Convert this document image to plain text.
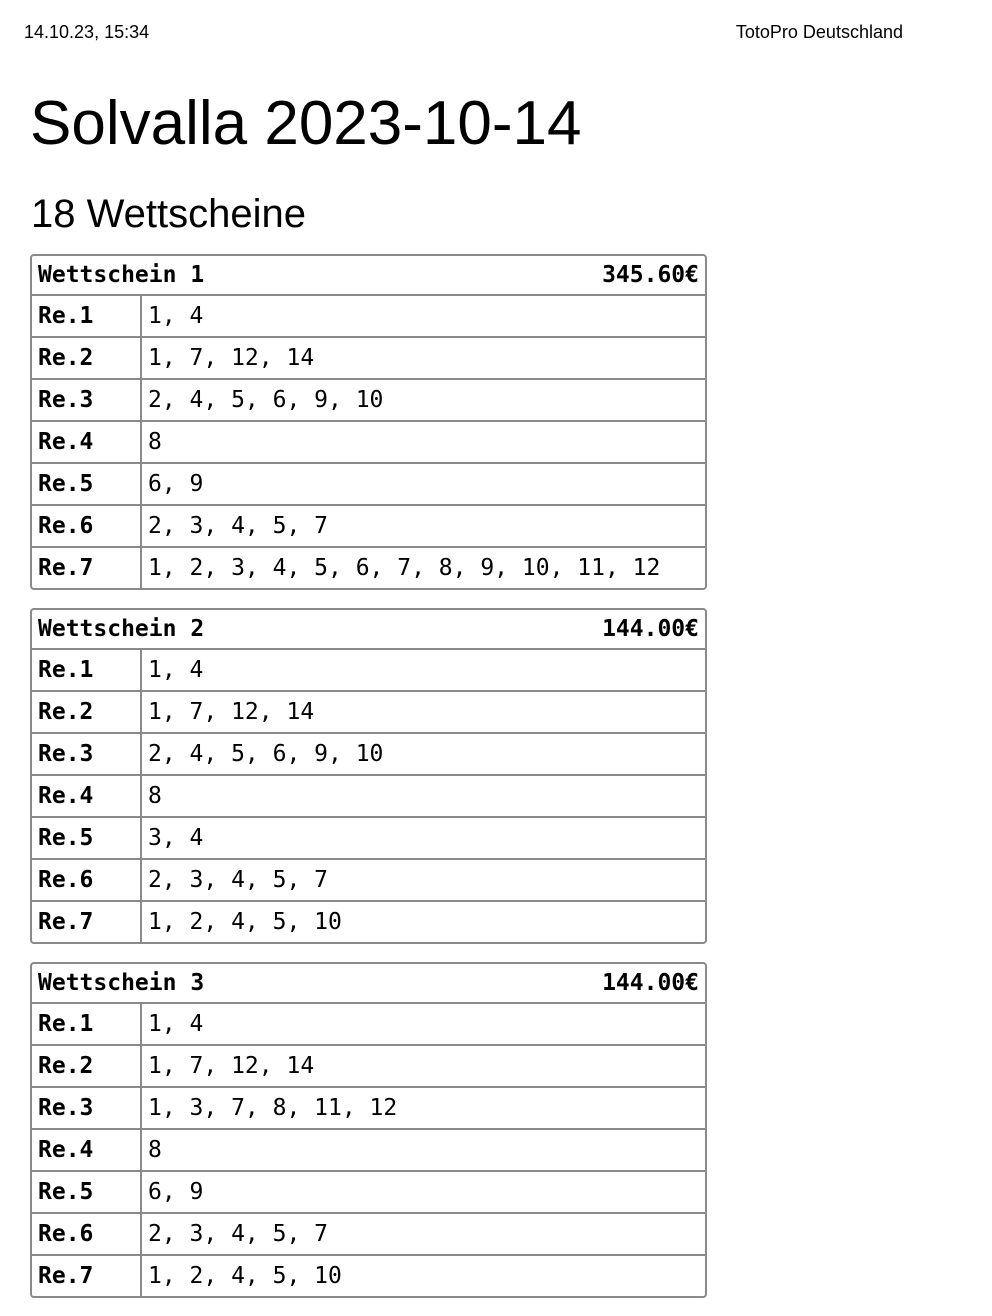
14.10.23, 15:34	TotoPro Deutschland
Solvalla 2023-10-14
18 Wettscheine
Wettschein 1	345.60€
Re.1	1, 4
Re.2	1, 7, 12, 14
Re.3	2, 4, 5, 6, 9, 10
Re.4	8
Re.5	6, 9
Re.6	2, 3, 4, 5, 7
Re.7	1, 2, 3, 4, 5, 6, 7, 8, 9, 10, 11, 12
Wettschein 2	144.00€
Re.1	1, 4
Re.2	1, 7, 12, 14
Re.3	2, 4, 5, 6, 9, 10
Re.4	8
Re.5	3, 4
Re.6	2, 3, 4, 5, 7
Re.7	1, 2, 4, 5, 10
Wettschein 3	144.00€
Re.1	1, 4
Re.2	1, 7, 12, 14
Re.3	1, 3, 7, 8, 11, 12
Re.4	8
Re.5	6, 9
Re.6	2, 3, 4, 5, 7
Re.7	1, 2, 4, 5, 10
